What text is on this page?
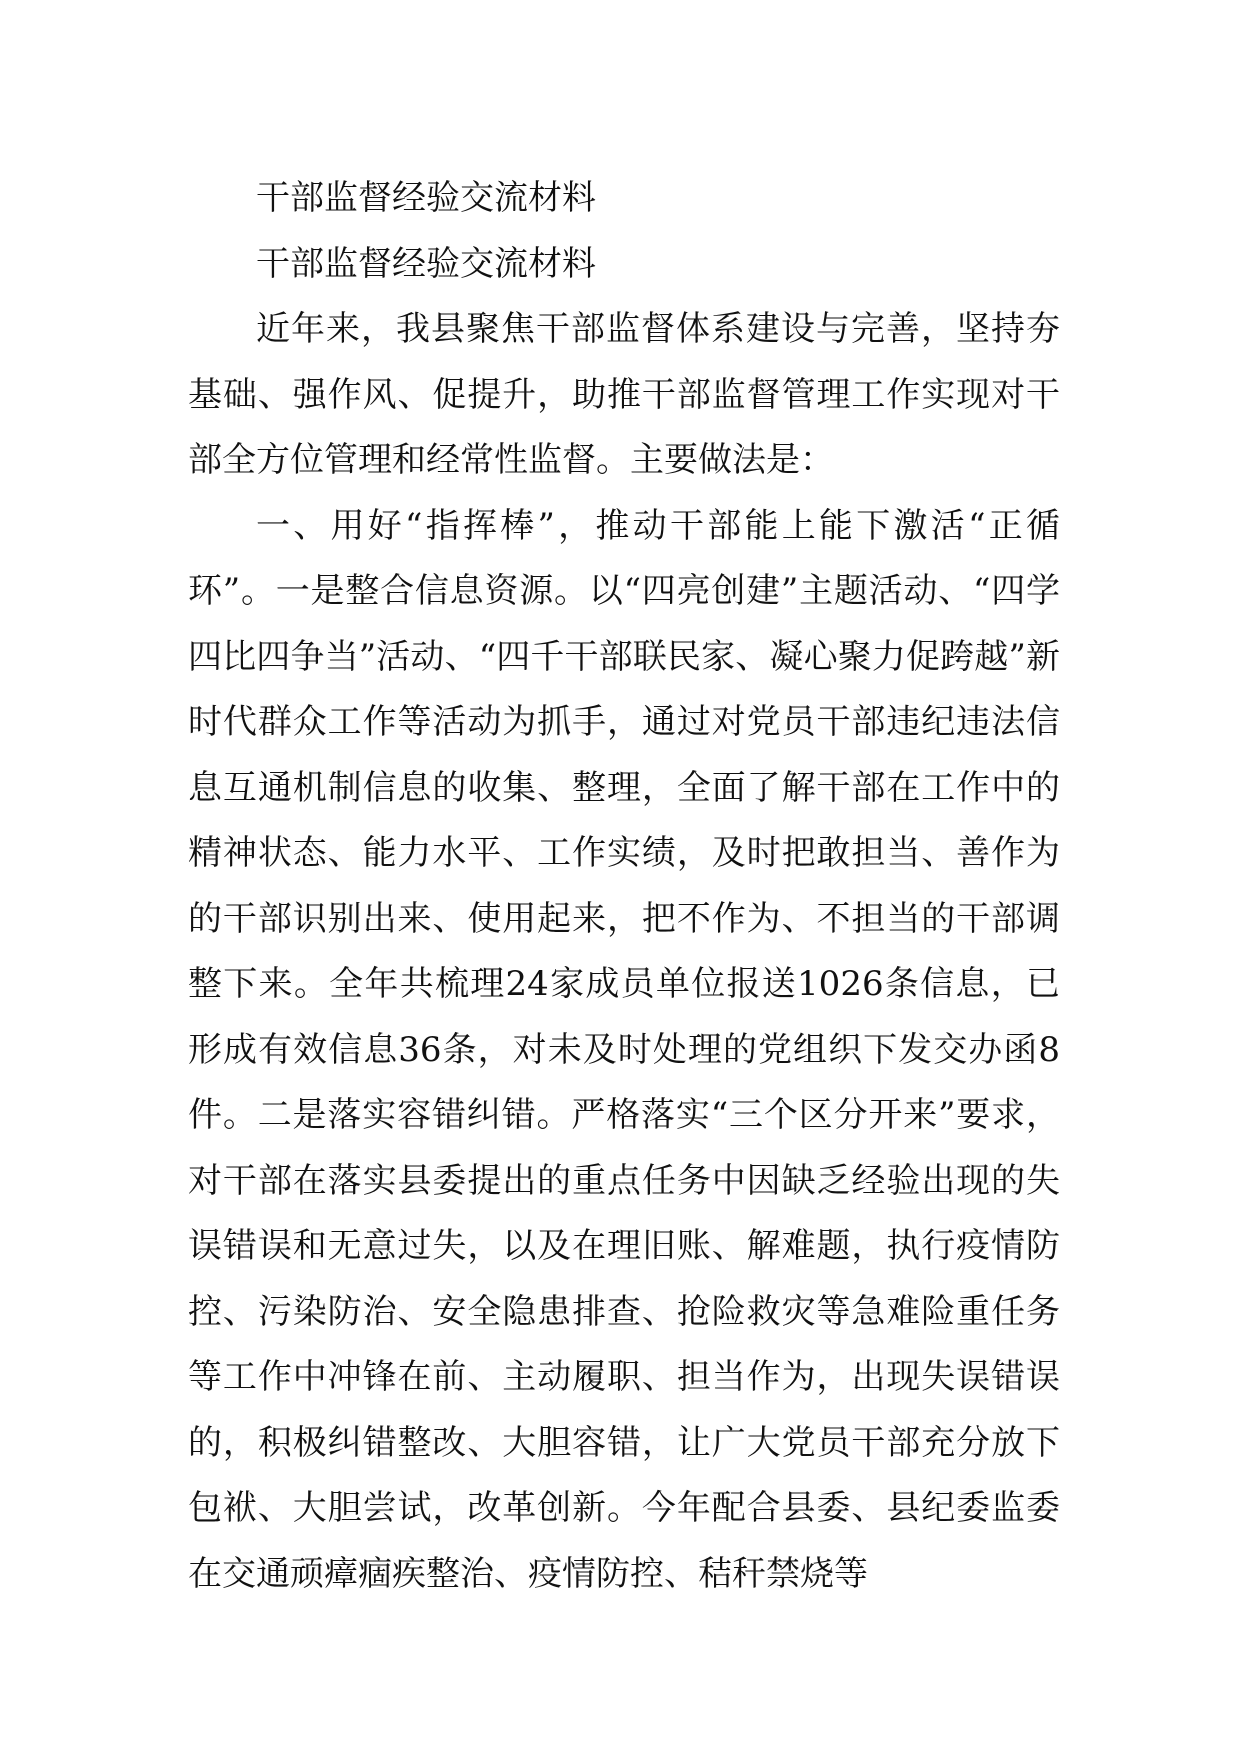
干部监督经验交流材料

干部监督经验交流材料

近年来，我县聚焦干部监督体系建设与完善，坚持夯基础、强作风、促提升，助推干部监督管理工作实现对干部全方位管理和经常性监督。主要做法是：

一、用好“指挥棒”，推动干部能上能下激活“正循环”。一是整合信息资源。以“四亮创建”主题活动、“四学四比四争当”活动、“四千干部联民家、凝心聚力促跨越”新时代群众工作等活动为抓手，通过对党员干部违纪违法信息互通机制信息的收集、整理，全面了解干部在工作中的精神状态、能力水平、工作实绩，及时把敢担当、善作为的干部识别出来、使用起来，把不作为、不担当的干部调整下来。全年共梳理24家成员单位报送1026条信息，已形成有效信息36条，对未及时处理的党组织下发交办函8件。二是落实容错纠错。严格落实“三个区分开来”要求，对干部在落实县委提出的重点任务中因缺乏经验出现的失误错误和无意过失，以及在理旧账、解难题，执行疫情防控、污染防治、安全隐患排查、抢险救灾等急难险重任务等工作中冲锋在前、主动履职、担当作为，出现失误错误的，积极纠错整改、大胆容错，让广大党员干部充分放下包袱、大胆尝试，改革创新。今年配合县委、县纪委监委在交通顽瘴痼疾整治、疫情防控、秸秆禁烧等
